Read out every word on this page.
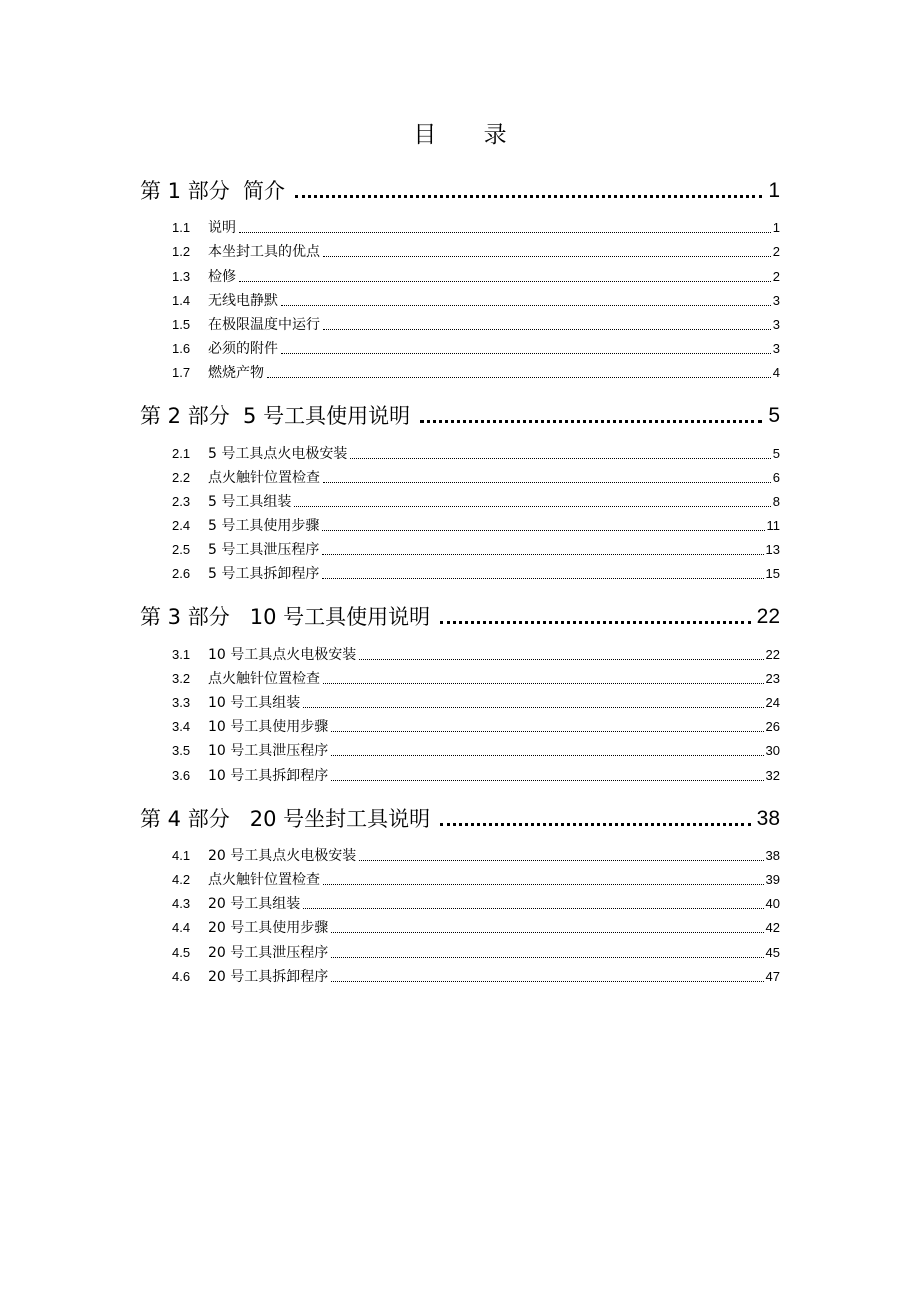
目 录
第 1 部分  简介	1
1.1	说明	1
1.2	本坐封工具的优点	2
1.3	检修	2
1.4	无线电静默	3
1.5	在极限温度中运行	3
1.6	必须的附件	3
1.7	燃烧产物	4
第 2 部分  5 号工具使用说明	5
2.1	5 号工具点火电极安装	5
2.2	点火触针位置检查	6
2.3	5 号工具组装	8
2.4	5 号工具使用步骤	11
2.5	5 号工具泄压程序	13
2.6	5 号工具拆卸程序	15
第 3 部分   10 号工具使用说明	22
3.1	10 号工具点火电极安装	22
3.2	点火触针位置检查	23
3.3	10 号工具组装	24
3.4	10 号工具使用步骤	26
3.5	10 号工具泄压程序	30
3.6	10 号工具拆卸程序	32
第 4 部分   20 号坐封工具说明	38
4.1	20 号工具点火电极安装	38
4.2	点火触针位置检查	39
4.3	20 号工具组装	40
4.4	20 号工具使用步骤	42
4.5	20 号工具泄压程序	45
4.6	20 号工具拆卸程序	47
